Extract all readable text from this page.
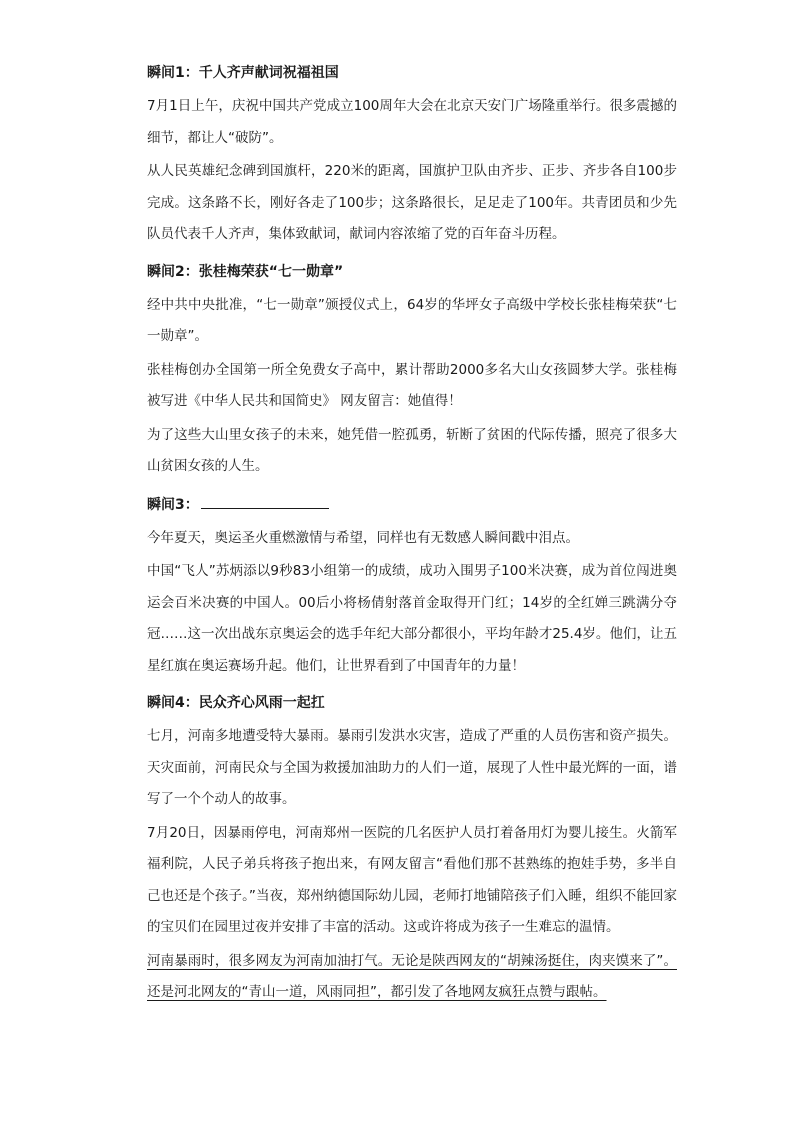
瞬间1：千人齐声献词祝福祖国

7月1日上午，庆祝中国共产党成立100周年大会在北京天安门广场隆重举行。很多震撼的细节，都让人“破防”。

从人民英雄纪念碑到国旗杆，220米的距离，国旗护卫队由齐步、正步、齐步各自100步完成。这条路不长，刚好各走了100步；这条路很长，足足走了100年。共青团员和少先队员代表千人齐声，集体致献词，献词内容浓缩了党的百年奋斗历程。

瞬间2：张桂梅荣获“七一勋章”

经中共中央批准，“七一勋章”颁授仪式上，64岁的华坪女子高级中学校长张桂梅荣获“七一勋章”。

张桂梅创办全国第一所全免费女子高中，累计帮助2000多名大山女孩圆梦大学。张桂梅被写进《中华人民共和国简史》 网友留言：她值得！

为了这些大山里女孩子的未来，她凭借一腔孤勇，斩断了贫困的代际传播，照亮了很多大山贫困女孩的人生。

瞬间3：

今年夏天，奥运圣火重燃激情与希望，同样也有无数感人瞬间戳中泪点。

中国“飞人”苏炳添以9秒83小组第一的成绩，成功入围男子100米决赛，成为首位闯进奥运会百米决赛的中国人。00后小将杨倩射落首金取得开门红；14岁的全红婵三跳满分夺冠……这一次出战东京奥运会的选手年纪大部分都很小，平均年龄才25.4岁。他们，让五星红旗在奥运赛场升起。他们，让世界看到了中国青年的力量！

瞬间4：民众齐心风雨一起扛

七月，河南多地遭受特大暴雨。暴雨引发洪水灾害，造成了严重的人员伤害和资产损失。天灾面前，河南民众与全国为救援加油助力的人们一道，展现了人性中最光辉的一面，谱写了一个个动人的故事。

7月20日，因暴雨停电，河南郑州一医院的几名医护人员打着备用灯为婴儿接生。火箭军福利院，人民子弟兵将孩子抱出来，有网友留言“看他们那不甚熟练的抱娃手势，多半自己也还是个孩子。”当夜，郑州纳德国际幼儿园，老师打地铺陪孩子们入睡，组织不能回家的宝贝们在园里过夜并安排了丰富的活动。这或许将成为孩子一生难忘的温情。

河南暴雨时，很多网友为河南加油打气。无论是陕西网友的“胡辣汤挺住，肉夹馍来了”。还是河北网友的“青山一道，风雨同担”，都引发了各地网友疯狂点赞与跟帖。
